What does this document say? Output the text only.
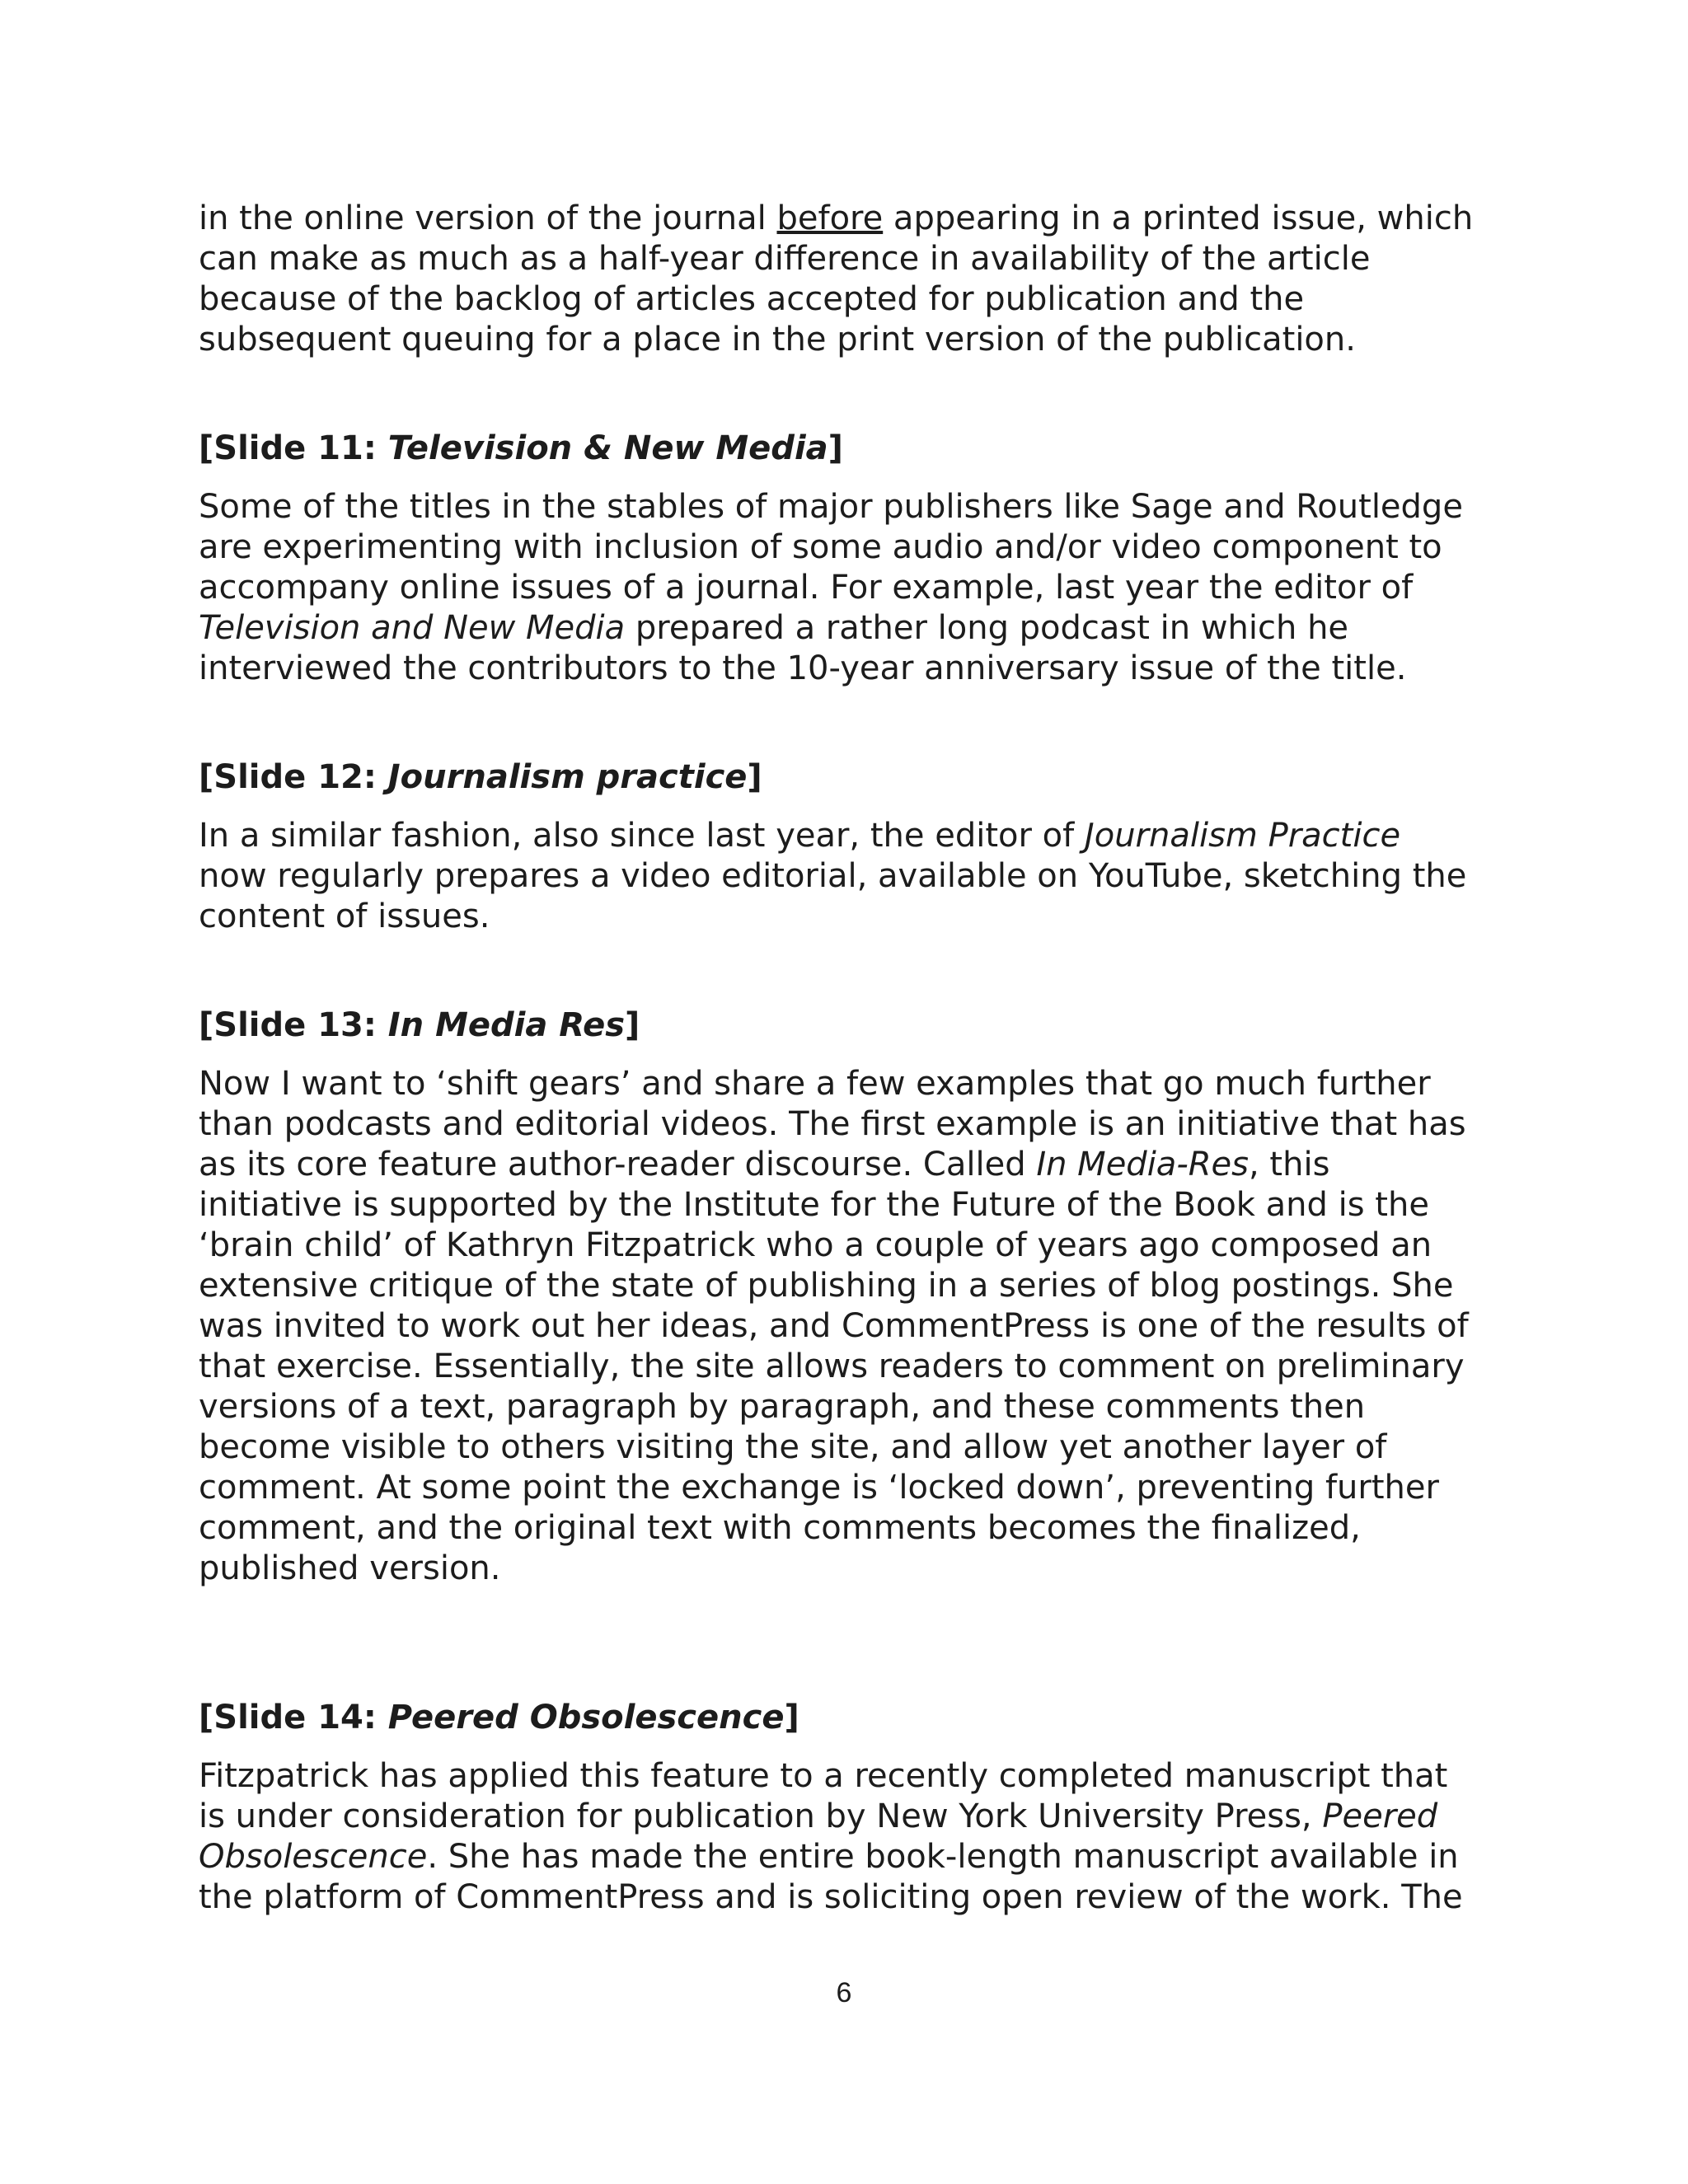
in the online version of the journal before appearing in a printed issue, which
can make as much as a half-year difference in availability of the article
because of the backlog of articles accepted for publication and the
subsequent queuing for a place in the print version of the publication.

[Slide 11: Television & New Media]

Some of the titles in the stables of major publishers like Sage and Routledge
are experimenting with inclusion of some audio and/or video component to
accompany online issues of a journal. For example, last year the editor of
Television and New Media prepared a rather long podcast in which he
interviewed the contributors to the 10-year anniversary issue of the title.

[Slide 12: Journalism practice]

In a similar fashion, also since last year, the editor of Journalism Practice
now regularly prepares a video editorial, available on YouTube, sketching the
content of issues.

[Slide 13: In Media Res]

Now I want to ‘shift gears’ and share a few examples that go much further
than podcasts and editorial videos. The first example is an initiative that has
as its core feature author-reader discourse. Called In Media-Res, this
initiative is supported by the Institute for the Future of the Book and is the
‘brain child’ of Kathryn Fitzpatrick who a couple of years ago composed an
extensive critique of the state of publishing in a series of blog postings. She
was invited to work out her ideas, and CommentPress is one of the results of
that exercise. Essentially, the site allows readers to comment on preliminary
versions of a text, paragraph by paragraph, and these comments then
become visible to others visiting the site, and allow yet another layer of
comment. At some point the exchange is ‘locked down’, preventing further
comment, and the original text with comments becomes the finalized,
published version.

[Slide 14: Peered Obsolescence]

Fitzpatrick has applied this feature to a recently completed manuscript that
is under consideration for publication by New York University Press, Peered
Obsolescence. She has made the entire book-length manuscript available in
the platform of CommentPress and is soliciting open review of the work. The

6
